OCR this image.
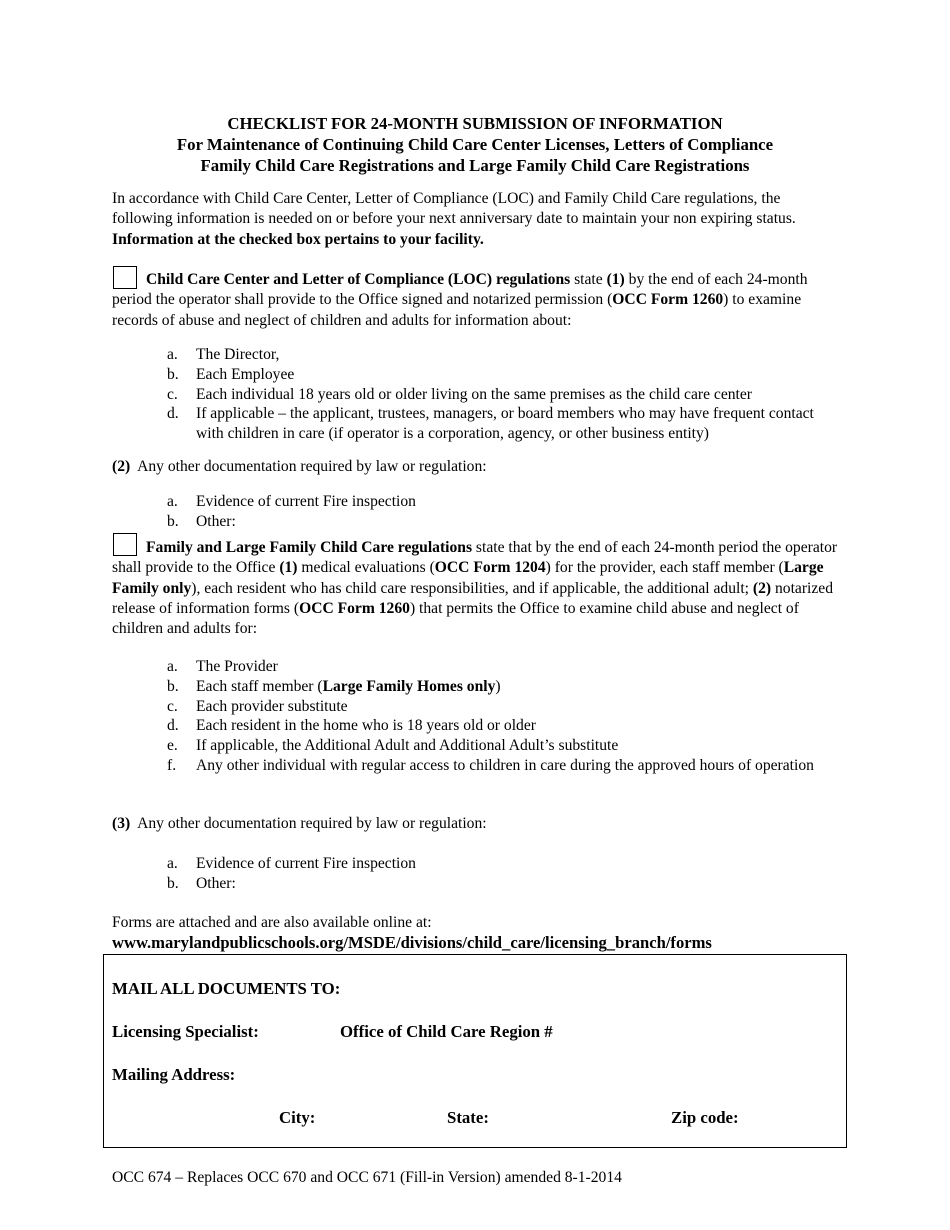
CHECKLIST FOR 24-MONTH SUBMISSION OF INFORMATION
For Maintenance of Continuing Child Care Center Licenses, Letters of Compliance
Family Child Care Registrations and Large Family Child Care Registrations
In accordance with Child Care Center, Letter of Compliance (LOC) and Family Child Care regulations, the following information is needed on or before your next anniversary date to maintain your non expiring status.  Information at the checked box pertains to your facility.
Child Care Center and Letter of Compliance (LOC) regulations state (1) by the end of each 24-month period the operator shall provide to the Office signed and notarized permission (OCC Form 1260) to examine records of abuse and neglect of children and adults for information about:
a. The Director,
b. Each Employee
c. Each individual 18 years old or older living on the same premises as the child care center
d. If applicable – the applicant, trustees, managers, or board members who may have frequent contact with children in care (if operator is a corporation, agency, or other business entity)
(2) Any other documentation required by law or regulation:
a. Evidence of current Fire inspection
b. Other:
Family and Large Family Child Care regulations state that by the end of each 24-month period the operator shall provide to the Office (1) medical evaluations (OCC Form 1204) for the provider, each staff member (Large Family only), each resident who has child care responsibilities, and if applicable, the additional adult; (2) notarized release of information forms (OCC Form 1260) that permits the Office to examine child abuse and neglect of children and adults for:
a. The Provider
b. Each staff member (Large Family Homes only)
c. Each provider substitute
d. Each resident in the home who is 18 years old or older
e. If applicable, the Additional Adult and Additional Adult’s substitute
f. Any other individual with regular access to children in care during the approved hours of operation
(3) Any other documentation required by law or regulation:
a. Evidence of current Fire inspection
b. Other:
Forms are attached and are also available online at:
www.marylandpublicschools.org/MSDE/divisions/child_care/licensing_branch/forms
MAIL ALL DOCUMENTS TO:
Licensing Specialist:	Office of Child Care Region #
Mailing Address:
City:	State:	Zip code:
OCC 674 – Replaces OCC 670 and OCC 671 (Fill-in Version) amended 8-1-2014
